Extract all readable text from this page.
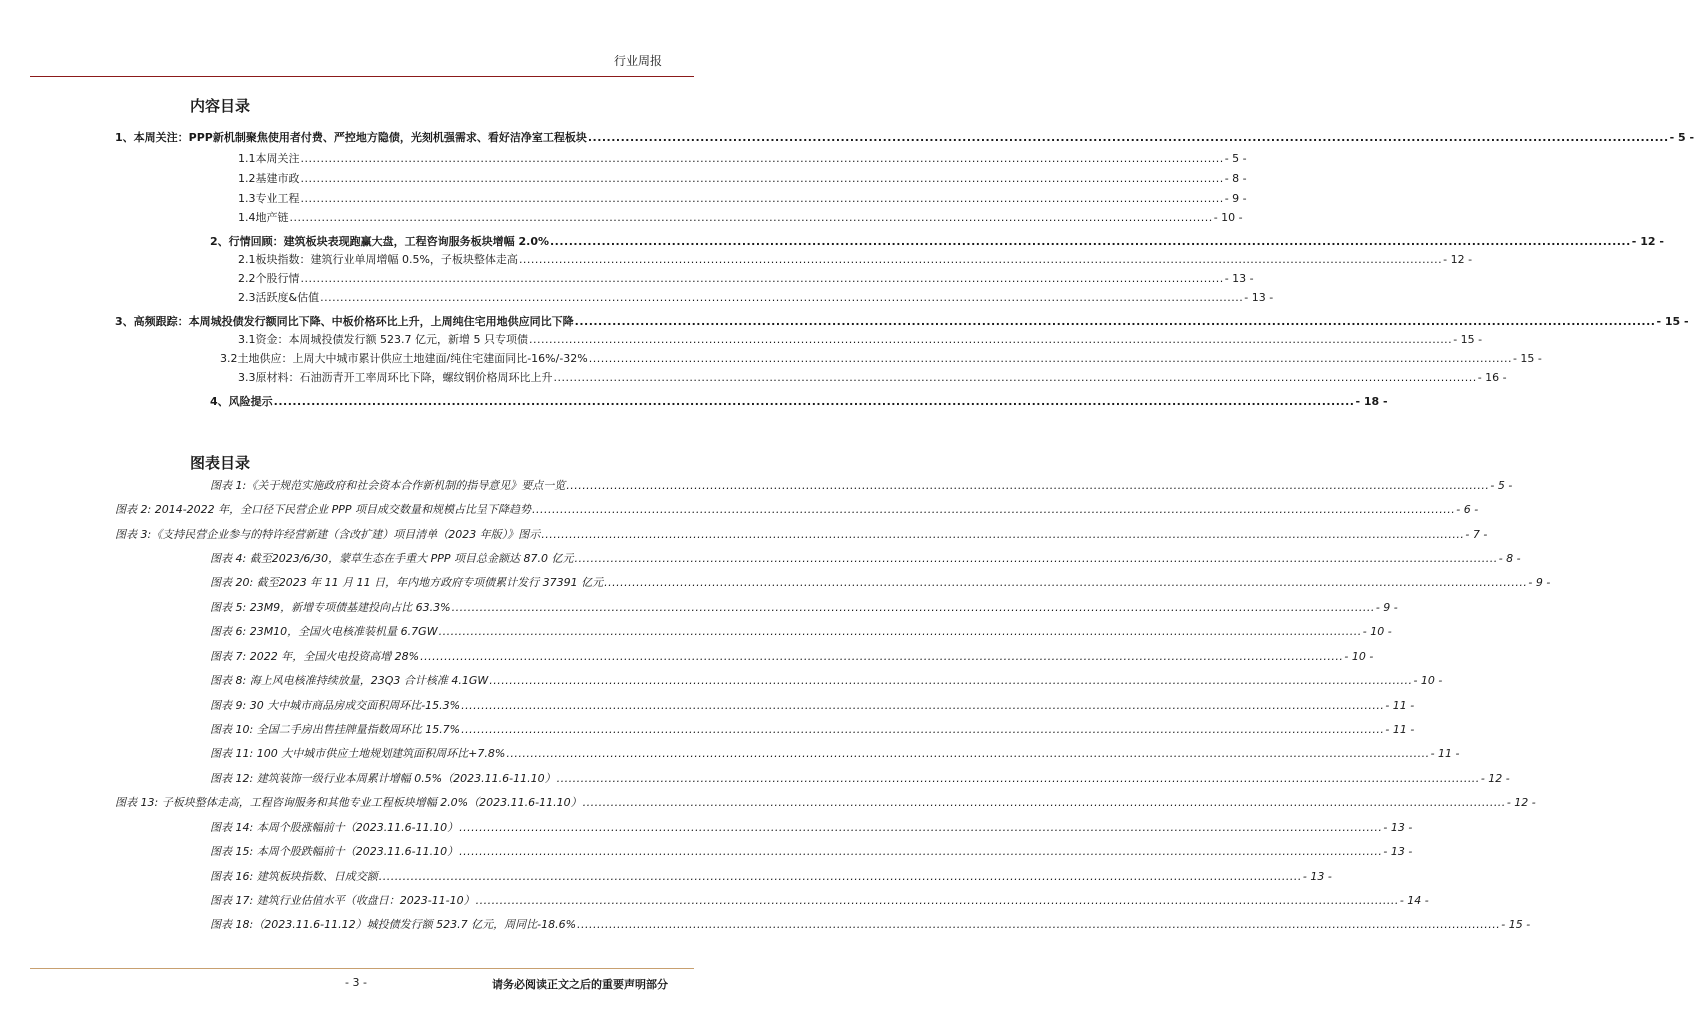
行业周报
内容目录
1、本周关注：PPP新机制聚焦使用者付费、严控地方隐债，光刻机强需求、看好洁净室工程板块 .....	- 5 -
1.1本周关注 .....	- 5 -
1.2基建市政 .....	- 8 -
1.3专业工程 .....	- 9 -
1.4地产链 .....	- 10 -
2、行情回顾：建筑板块表现跑赢大盘，工程咨询服务板块增幅 2.0% .....	- 12 -
2.1板块指数：建筑行业单周增幅 0.5%，子板块整体走高 .....	- 12 -
2.2个股行情 .....	- 13 -
2.3活跃度&估值 .....	- 13 -
3、高频跟踪：本周城投债发行额同比下降、中板价格环比上升，上周纯住宅用地供应同比下降 .....	- 15 -
3.1资金：本周城投债发行额 523.7 亿元，新增 5 只专项债 .....	- 15 -
3.2土地供应：上周大中城市累计供应土地建面/纯住宅建面同比-16%/-32% .....	- 15 -
3.3原材料：石油沥青开工率周环比下降，螺纹钢价格周环比上升 .....	- 16 -
4、风险提示 .....	- 18 -
图表目录
图表 1:《关于规范实施政府和社会资本合作新机制的指导意见》要点一览 .....	- 5 -
图表 2: 2014-2022 年，全口径下民营企业 PPP 项目成交数量和规模占比呈下降趋势 .....	- 6 -
图表 3:《支持民营企业参与的特许经营新建（含改扩建）项目清单（2023 年版）》图示 .....	- 7 -
图表 4: 截至2023/6/30，蒙草生态在手重大 PPP 项目总金额达 87.0 亿元 .....	- 8 -
图表 20: 截至2023 年 11 月 11 日，年内地方政府专项债累计发行 37391 亿元 .....	- 9 -
图表 5: 23M9，新增专项债基建投向占比 63.3% .....	- 9 -
图表 6: 23M10，全国火电核准装机量 6.7GW .....	- 10 -
图表 7: 2022 年，全国火电投资高增 28% .....	- 10 -
图表 8: 海上风电核准持续放量，23Q3 合计核准 4.1GW .....	- 10 -
图表 9: 30 大中城市商品房成交面积周环比-15.3% .....	- 11 -
图表 10: 全国二手房出售挂牌量指数周环比 15.7% .....	- 11 -
图表 11: 100 大中城市供应土地规划建筑面积周环比+7.8% .....	- 11 -
图表 12: 建筑装饰一级行业本周累计增幅 0.5%（2023.11.6-11.10） .....	- 12 -
图表 13: 子板块整体走高，工程咨询服务和其他专业工程板块增幅 2.0%（2023.11.6-11.10） .....	- 12 -
图表 14: 本周个股涨幅前十（2023.11.6-11.10） .....	- 13 -
图表 15: 本周个股跌幅前十（2023.11.6-11.10） .....	- 13 -
图表 16: 建筑板块指数、日成交额 .....	- 13 -
图表 17: 建筑行业估值水平（收盘日：2023-11-10） .....	- 14 -
图表 18:（2023.11.6-11.12）城投债发行额 523.7 亿元，周同比-18.6% .....	- 15 -
- 3 -	请务必阅读正文之后的重要声明部分
